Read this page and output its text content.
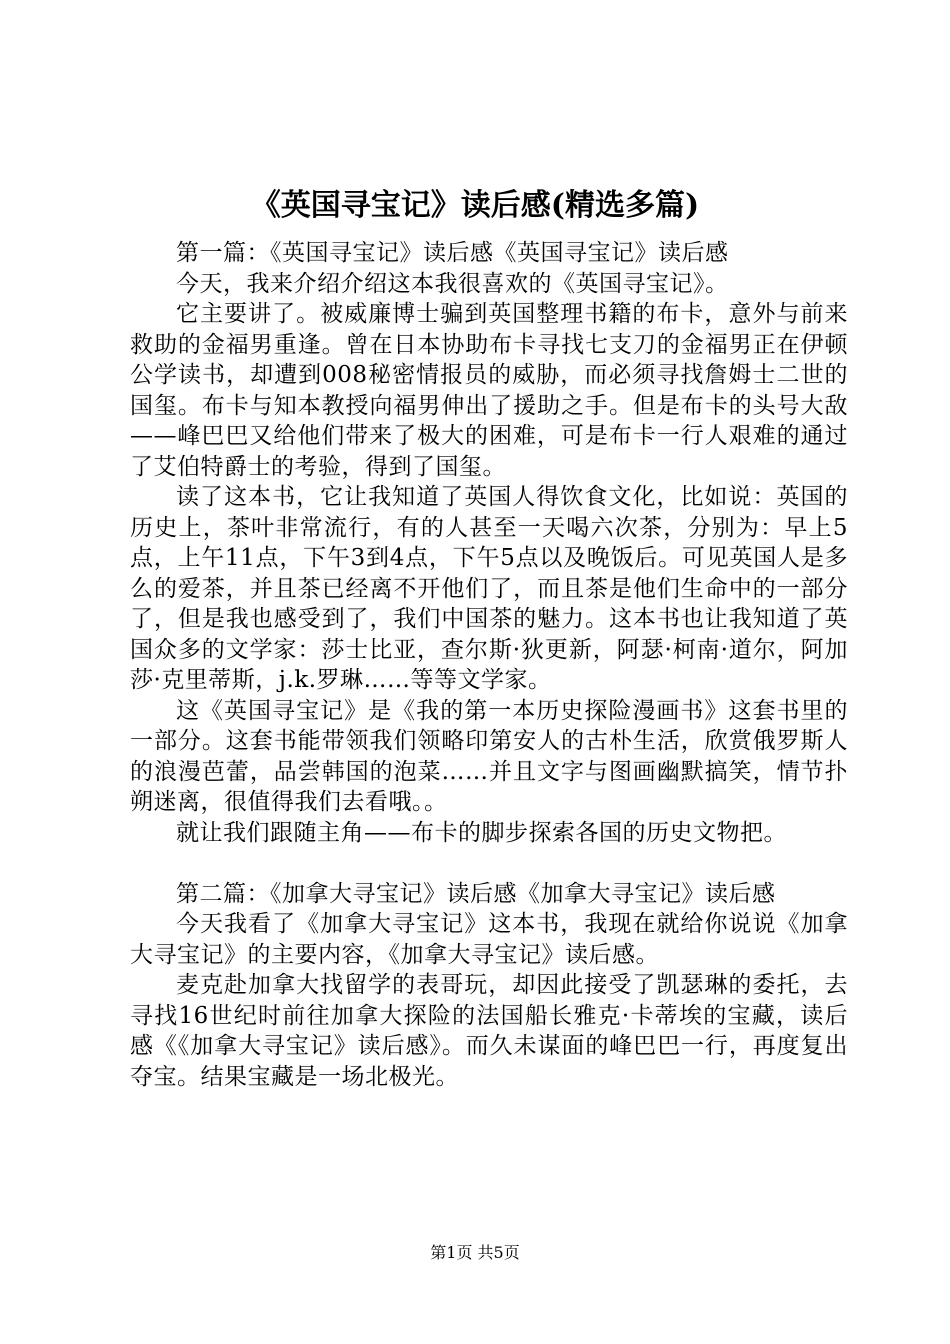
《英国寻宝记》读后感(精选多篇)

第一篇：《英国寻宝记》读后感《英国寻宝记》读后感

今天，我来介绍介绍这本我很喜欢的《英国寻宝记》。

它主要讲了。被威廉博士骗到英国整理书籍的布卡，意外与前来救助的金福男重逢。曾在日本协助布卡寻找七支刀的金福男正在伊顿公学读书，却遭到008秘密情报员的威胁，而必须寻找詹姆士二世的国玺。布卡与知本教授向福男伸出了援助之手。但是布卡的头号大敌——峰巴巴又给他们带来了极大的困难，可是布卡一行人艰难的通过了艾伯特爵士的考验，得到了国玺。

读了这本书，它让我知道了英国人得饮食文化，比如说：英国的历史上，茶叶非常流行，有的人甚至一天喝六次茶，分别为：早上5点，上午11点，下午3到4点，下午5点以及晚饭后。可见英国人是多么的爱茶，并且茶已经离不开他们了，而且茶是他们生命中的一部分了，但是我也感受到了，我们中国茶的魅力。这本书也让我知道了英国众多的文学家：莎士比亚，查尔斯·狄更新，阿瑟·柯南·道尔，阿加莎·克里蒂斯，j.k.罗琳……等等文学家。

这《英国寻宝记》是《我的第一本历史探险漫画书》这套书里的一部分。这套书能带领我们领略印第安人的古朴生活，欣赏俄罗斯人的浪漫芭蕾，品尝韩国的泡菜……并且文字与图画幽默搞笑，情节扑朔迷离，很值得我们去看哦。。

就让我们跟随主角——布卡的脚步探索各国的历史文物把。

第二篇：《加拿大寻宝记》读后感《加拿大寻宝记》读后感

今天我看了《加拿大寻宝记》这本书，我现在就给你说说《加拿大寻宝记》的主要内容，《加拿大寻宝记》读后感。

麦克赴加拿大找留学的表哥玩，却因此接受了凯瑟琳的委托，去寻找16世纪时前往加拿大探险的法国船长雅克·卡蒂埃的宝藏，读后感《《加拿大寻宝记》读后感》。而久未谋面的峰巴巴一行，再度复出夺宝。结果宝藏是一场北极光。

第1页 共5页
